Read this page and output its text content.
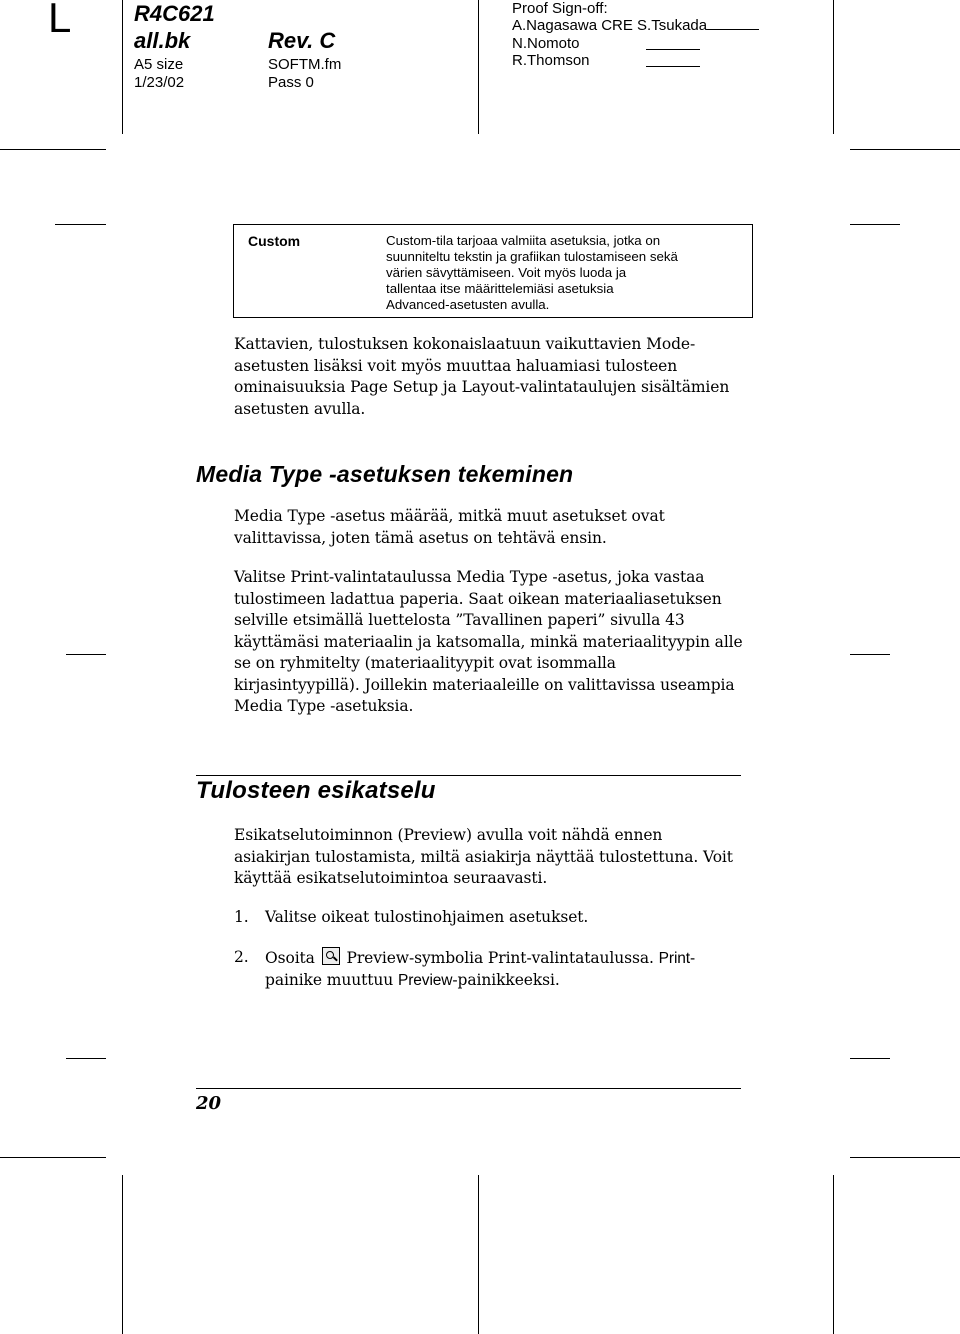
L	R4C621
all.bk	Rev. C
A5 size	SOFTM.fm
1/23/02	Pass 0
Proof Sign-off:
A.Nagasawa CRE S.Tsukada
N.Nomoto
R.Thomson
Custom	Custom-tila tarjoaa valmiita asetuksia, jotka on
suunniteltu tekstin ja grafiikan tulostamiseen sekä
värien sävyttämiseen. Voit myös luoda ja
tallentaa itse määrittelemiäsi asetuksia
Advanced-asetusten avulla.
Kattavien, tulostuksen kokonaislaatuun vaikuttavien Mode-
asetusten lisäksi voit myös muuttaa haluamiasi tulosteen
ominaisuuksia Page Setup ja Layout-valintataulujen sisältämien
asetusten avulla.
Media Type -asetuksen tekeminen
Media Type -asetus määrää, mitkä muut asetukset ovat
valittavissa, joten tämä asetus on tehtävä ensin.
Valitse Print-valintataulussa Media Type -asetus, joka vastaa
tulostimeen ladattua paperia. Saat oikean materiaaliasetuksen
selville etsimällä luettelosta ”Tavallinen paperi” sivulla 43
käyttämäsi materiaalin ja katsomalla, minkä materiaalityypin alle
se on ryhmitelty (materiaalityypit ovat isommalla
kirjasintyypillä). Joillekin materiaaleille on valittavissa useampia
Media Type -asetuksia.
Tulosteen esikatselu
Esikatselutoiminnon (Preview) avulla voit nähdä ennen
asiakirjan tulostamista, miltä asiakirja näyttää tulostettuna. Voit
käyttää esikatselutoimintoa seuraavasti.
1. Valitse oikeat tulostinohjaimen asetukset.
2. Osoita Preview-symbolia Print-valintataulussa. Print-
painike muuttuu Preview-painikkeeksi.
20
